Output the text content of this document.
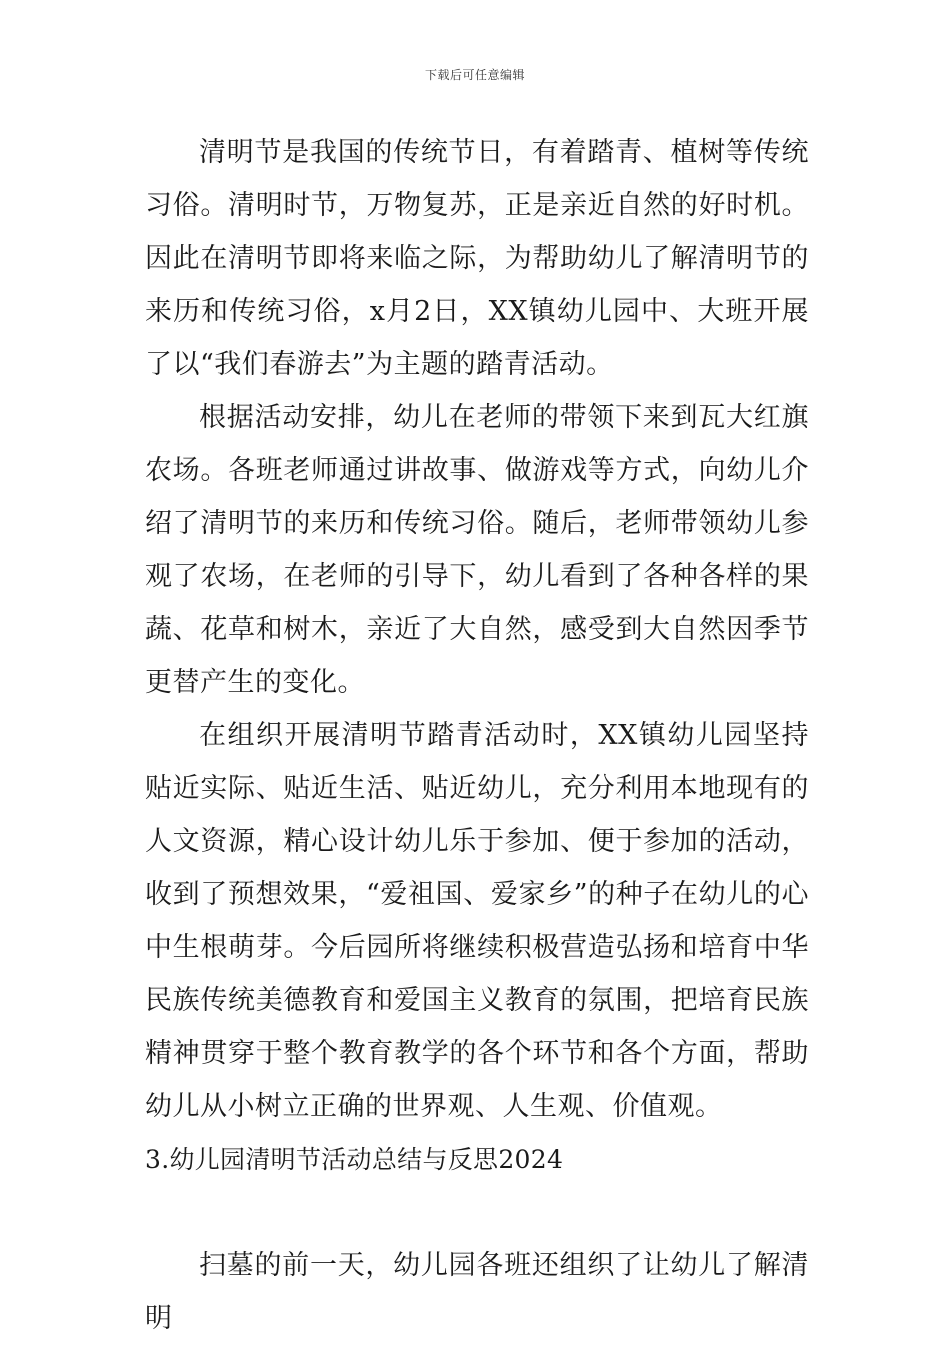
下载后可任意编辑

清明节是我国的传统节日，有着踏青、植树等传统习俗。清明时节，万物复苏，正是亲近自然的好时机。因此在清明节即将来临之际，为帮助幼儿了解清明节的来历和传统习俗，x月2日，XX镇幼儿园中、大班开展了以“我们春游去”为主题的踏青活动。

根据活动安排，幼儿在老师的带领下来到瓦大红旗农场。各班老师通过讲故事、做游戏等方式，向幼儿介绍了清明节的来历和传统习俗。随后，老师带领幼儿参观了农场，在老师的引导下，幼儿看到了各种各样的果蔬、花草和树木，亲近了大自然，感受到大自然因季节更替产生的变化。

在组织开展清明节踏青活动时，XX镇幼儿园坚持贴近实际、贴近生活、贴近幼儿，充分利用本地现有的人文资源，精心设计幼儿乐于参加、便于参加的活动，收到了预想效果，“爱祖国、爱家乡”的种子在幼儿的心中生根萌芽。今后园所将继续积极营造弘扬和培育中华民族传统美德教育和爱国主义教育的氛围，把培育民族精神贯穿于整个教育教学的各个环节和各个方面，帮助幼儿从小树立正确的世界观、人生观、价值观。

3.幼儿园清明节活动总结与反思2024

扫墓的前一天，幼儿园各班还组织了让幼儿了解清明
